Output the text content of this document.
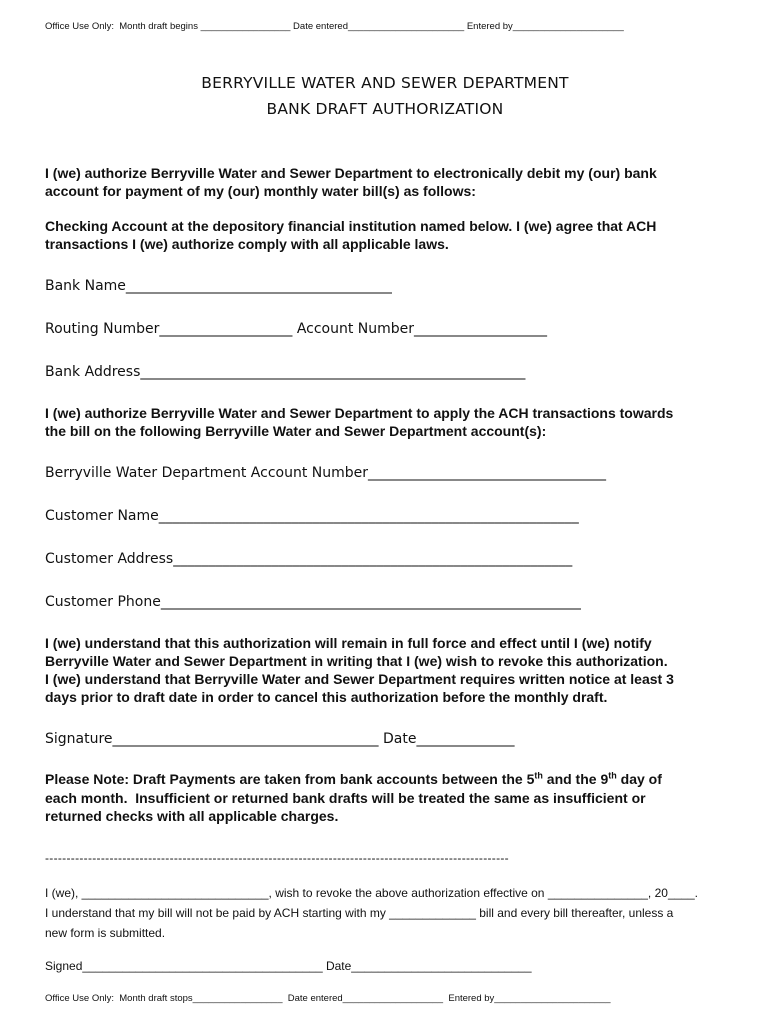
Office Use Only:  Month draft begins _________________ Date entered______________________ Entered by_____________________
BERRYVILLE WATER AND SEWER DEPARTMENT
BANK DRAFT AUTHORIZATION
I (we) authorize Berryville Water and Sewer Department to electronically debit my (our) bank
account for payment of my (our) monthly water bill(s) as follows:
Checking Account at the depository financial institution named below. I (we) agree that ACH
transactions I (we) authorize comply with all applicable laws.
Bank Name______________________________________
Routing Number___________________ Account Number___________________
Bank Address_______________________________________________________
I (we) authorize Berryville Water and Sewer Department to apply the ACH transactions towards
the bill on the following Berryville Water and Sewer Department account(s):
Berryville Water Department Account Number__________________________________
Customer Name____________________________________________________________
Customer Address_________________________________________________________
Customer Phone____________________________________________________________
I (we) understand that this authorization will remain in full force and effect until I (we) notify
Berryville Water and Sewer Department in writing that I (we) wish to revoke this authorization.
I (we) understand that Berryville Water and Sewer Department requires written notice at least 3
days prior to draft date in order to cancel this authorization before the monthly draft.
Signature______________________________________ Date______________
Please Note: Draft Payments are taken from bank accounts between the 5th and the 9th day of
each month.  Insufficient or returned bank drafts will be treated the same as insufficient or
returned checks with all applicable charges.
------------------------------------------------------------------------------------------------------------
I (we), ____________________________, wish to revoke the above authorization effective on _______________, 20____.
I understand that my bill will not be paid by ACH starting with my _____________ bill and every bill thereafter, unless a
new form is submitted.
Signed____________________________________ Date___________________________
Office Use Only:  Month draft stops_________________  Date entered___________________  Entered by______________________
